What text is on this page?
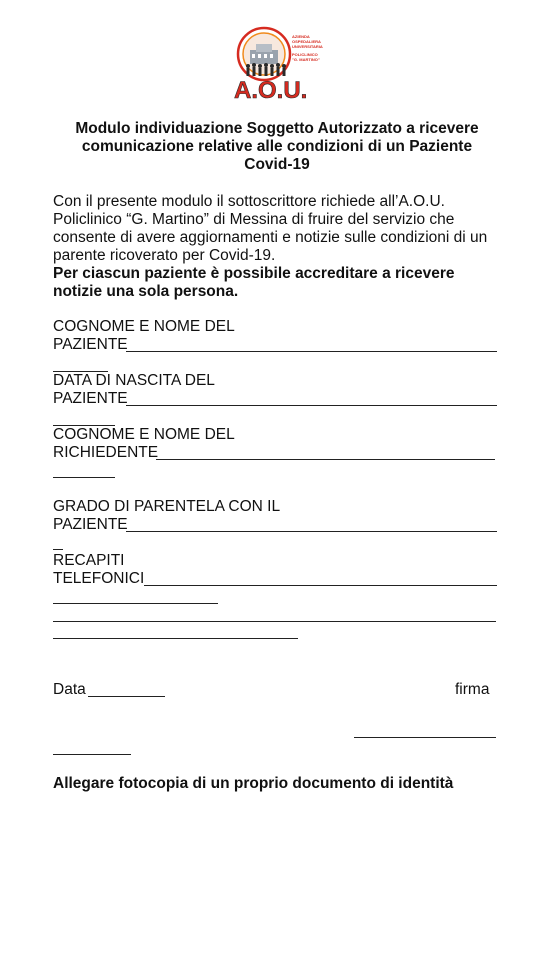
AZIENDA
OSPEDALIERA
UNIVERSITARIA
POLICLINICO
"G. MARTINO"
A.O.U.
Modulo individuazione Soggetto Autorizzato a ricevere
comunicazione relative alle condizioni di un Paziente
Covid-19
Con il presente modulo il sottoscrittore richiede all’A.O.U.
Policlinico “G. Martino” di Messina di fruire del servizio che
consente di avere aggiornamenti e notizie sulle condizioni di un
parente ricoverato per Covid-19.
Per ciascun paziente è possibile accreditare a ricevere
notizie una sola persona.
COGNOME E NOME DEL
PAZIENTE
DATA DI NASCITA DEL
PAZIENTE
COGNOME E NOME DEL
RICHIEDENTE
GRADO DI PARENTELA CON IL
PAZIENTE
RECAPITI
TELEFONICI
Data	firma
Allegare fotocopia di un proprio documento di identità
